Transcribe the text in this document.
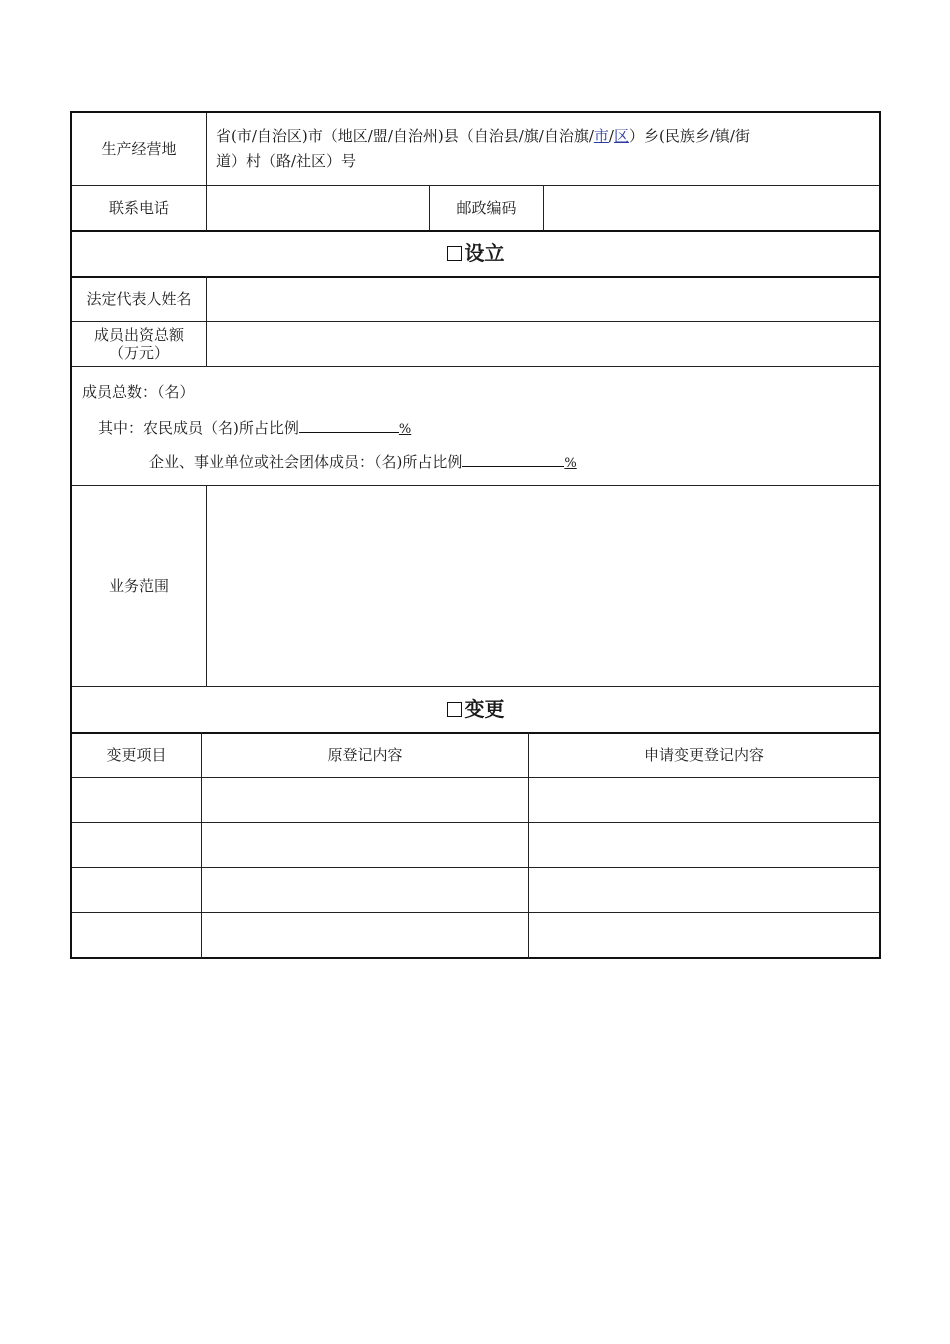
生产经营地
省(市/自治区)市（地区/盟/自治州)县（自治县/旗/自治旗/市/区）乡(民族乡/镇/街
道）村（路/社区）号
联系电话	邮政编码
设立
法定代表人姓名
成员出资总额
（万元）
成员总数：（名）
其中：农民成员（名)所占比例	%
企业、事业单位或社会团体成员：（名)所占比例	%
业务范围
变更
变更项目	原登记内容	申请变更登记内容
